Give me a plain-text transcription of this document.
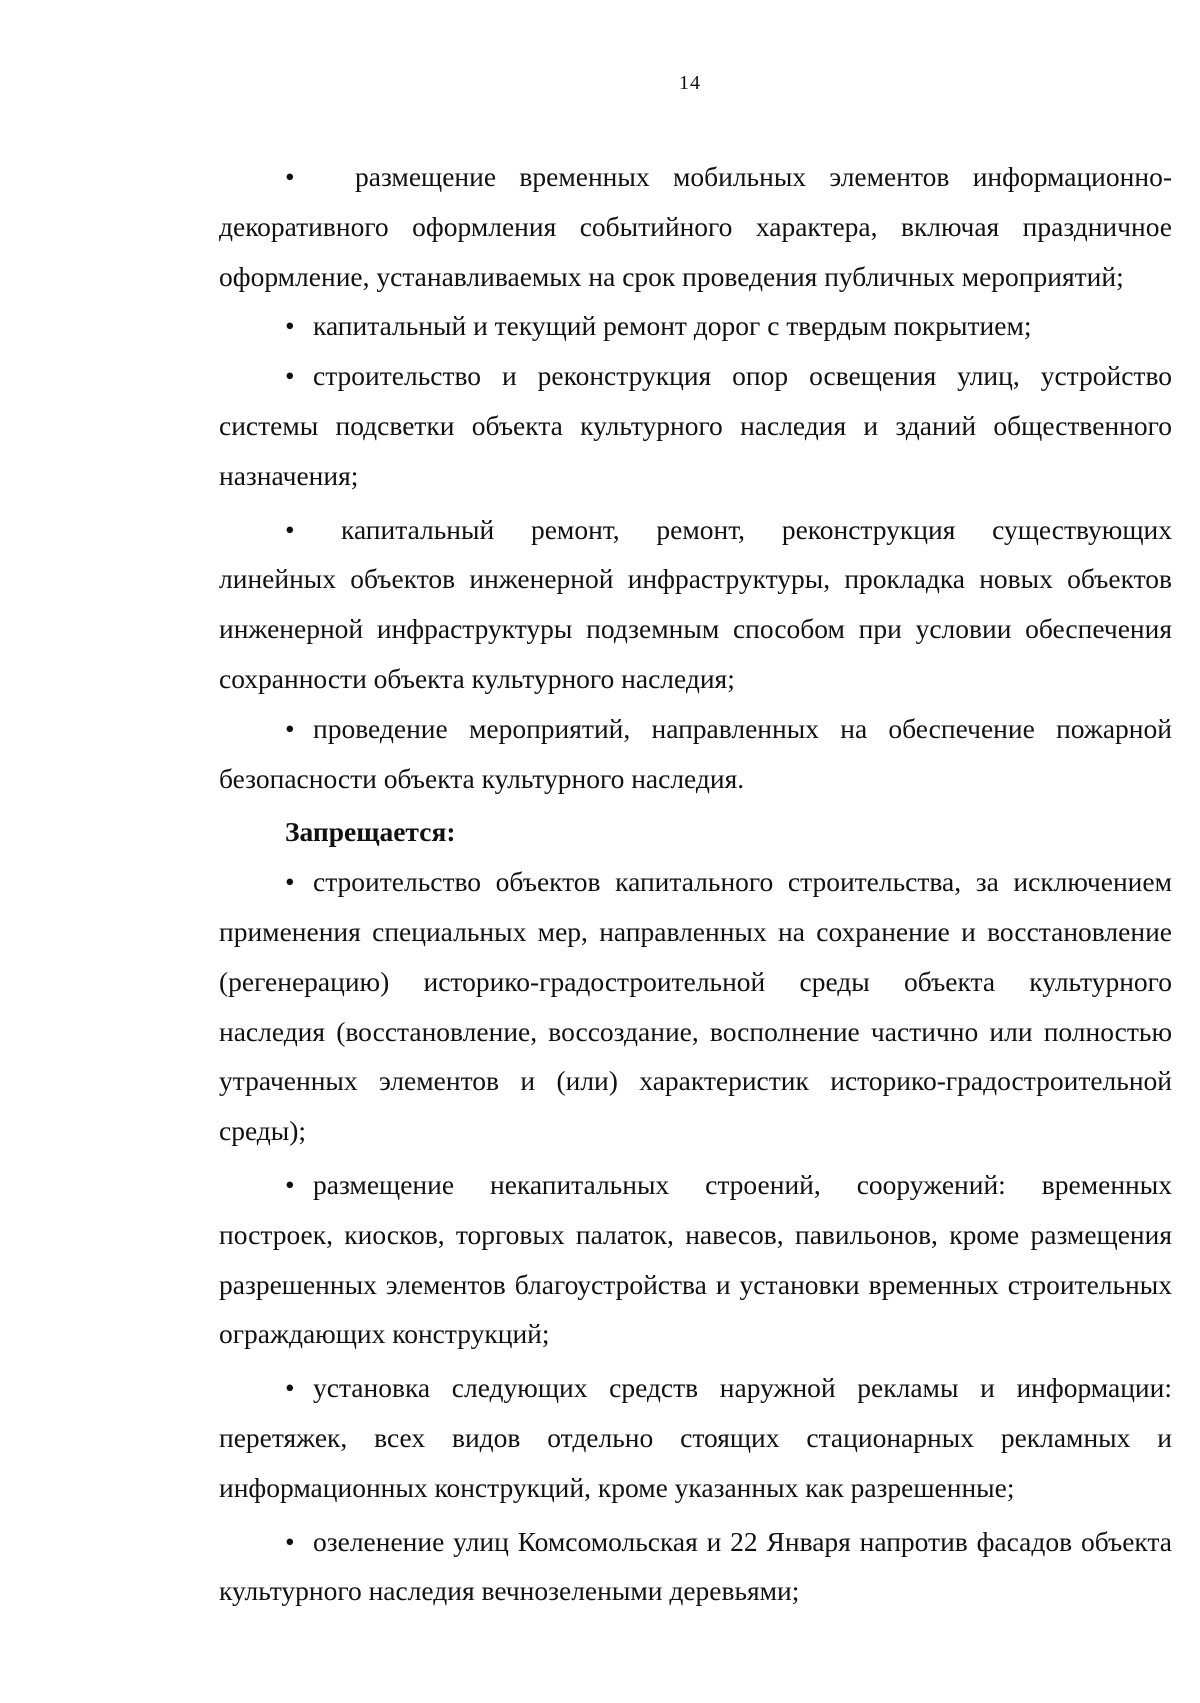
14

• размещение временных мобильных элементов информационно-декоративного оформления событийного характера, включая праздничное оформление, устанавливаемых на срок проведения публичных мероприятий;

• капитальный и текущий ремонт дорог с твердым покрытием;

• строительство и реконструкция опор освещения улиц, устройство системы подсветки объекта культурного наследия и зданий общественного назначения;

• капитальный ремонт, ремонт, реконструкция существующих линейных объектов инженерной инфраструктуры, прокладка новых объектов инженерной инфраструктуры подземным способом при условии обеспечения сохранности объекта культурного наследия;

• проведение мероприятий, направленных на обеспечение пожарной безопасности объекта культурного наследия.

Запрещается:

• строительство объектов капитального строительства, за исключением применения специальных мер, направленных на сохранение и восстановление (регенерацию) историко-градостроительной среды объекта культурного наследия (восстановление, воссоздание, восполнение частично или полностью утраченных элементов и (или) характеристик историко-градостроительной среды);

• размещение некапитальных строений, сооружений: временных построек, киосков, торговых палаток, навесов, павильонов, кроме размещения разрешенных элементов благоустройства и установки временных строительных ограждающих конструкций;

• установка следующих средств наружной рекламы и информации: перетяжек, всех видов отдельно стоящих стационарных рекламных и информационных конструкций, кроме указанных как разрешенные;

• озеленение улиц Комсомольская и 22 Января напротив фасадов объекта культурного наследия вечнозелеными деревьями;
